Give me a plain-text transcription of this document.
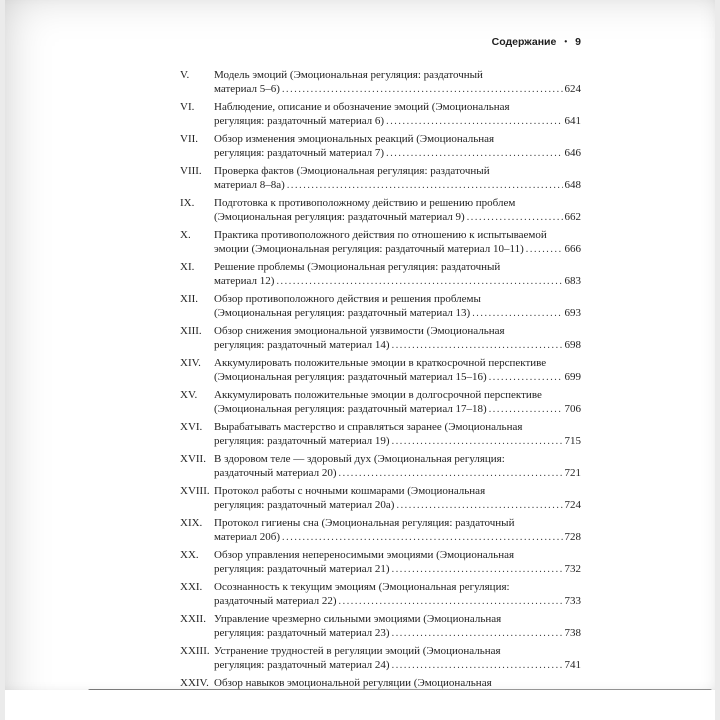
Содержание • 9
V.	Модель эмоций (Эмоциональная регуляция: раздаточный
материал 5–6) .....	624
VI.	Наблюдение, описание и обозначение эмоций (Эмоциональная
регуляция: раздаточный материал 6) .....	641
VII.	Обзор изменения эмоциональных реакций (Эмоциональная
регуляция: раздаточный материал 7) .....	646
VIII.	Проверка фактов (Эмоциональная регуляция: раздаточный
материал 8–8а) .....	648
IX.	Подготовка к противоположному действию и решению проблем
(Эмоциональная регуляция: раздаточный материал 9) .....	662
X.	Практика противоположного действия по отношению к испытываемой
эмоции (Эмоциональная регуляция: раздаточный материал 10–11) .....	666
XI.	Решение проблемы (Эмоциональная регуляция: раздаточный
материал 12) .....	683
XII.	Обзор противоположного действия и решения проблемы
(Эмоциональная регуляция: раздаточный материал 13) .....	693
XIII.	Обзор снижения эмоциональной уязвимости (Эмоциональная
регуляция: раздаточный материал 14) .....	698
XIV.	Аккумулировать положительные эмоции в краткосрочной перспективе
(Эмоциональная регуляция: раздаточный материал 15–16) .....	699
XV.	Аккумулировать положительные эмоции в долгосрочной перспективе
(Эмоциональная регуляция: раздаточный материал 17–18) .....	706
XVI.	Вырабатывать мастерство и справляться заранее (Эмоциональная
регуляция: раздаточный материал 19) .....	715
XVII. В здоровом теле — здоровый дух (Эмоциональная регуляция:
раздаточный материал 20) .....	721
XVIII. Протокол работы с ночными кошмарами (Эмоциональная
регуляция: раздаточный материал 20а) .....	724
XIX.	Протокол гигиены сна (Эмоциональная регуляция: раздаточный
материал 20б) .....	728
XX.	Обзор управления непереносимыми эмоциями (Эмоциональная
регуляция: раздаточный материал 21) .....	732
XXI.	Осознанность к текущим эмоциям (Эмоциональная регуляция:
раздаточный материал 22) .....	733
XXII. Управление чрезмерно сильными эмоциями (Эмоциональная
регуляция: раздаточный материал 23) .....	738
XXIII. Устранение трудностей в регуляции эмоций (Эмоциональная
регуляция: раздаточный материал 24) .....	741
XXIV. Обзор навыков эмоциональной регуляции (Эмоциональная
.....
